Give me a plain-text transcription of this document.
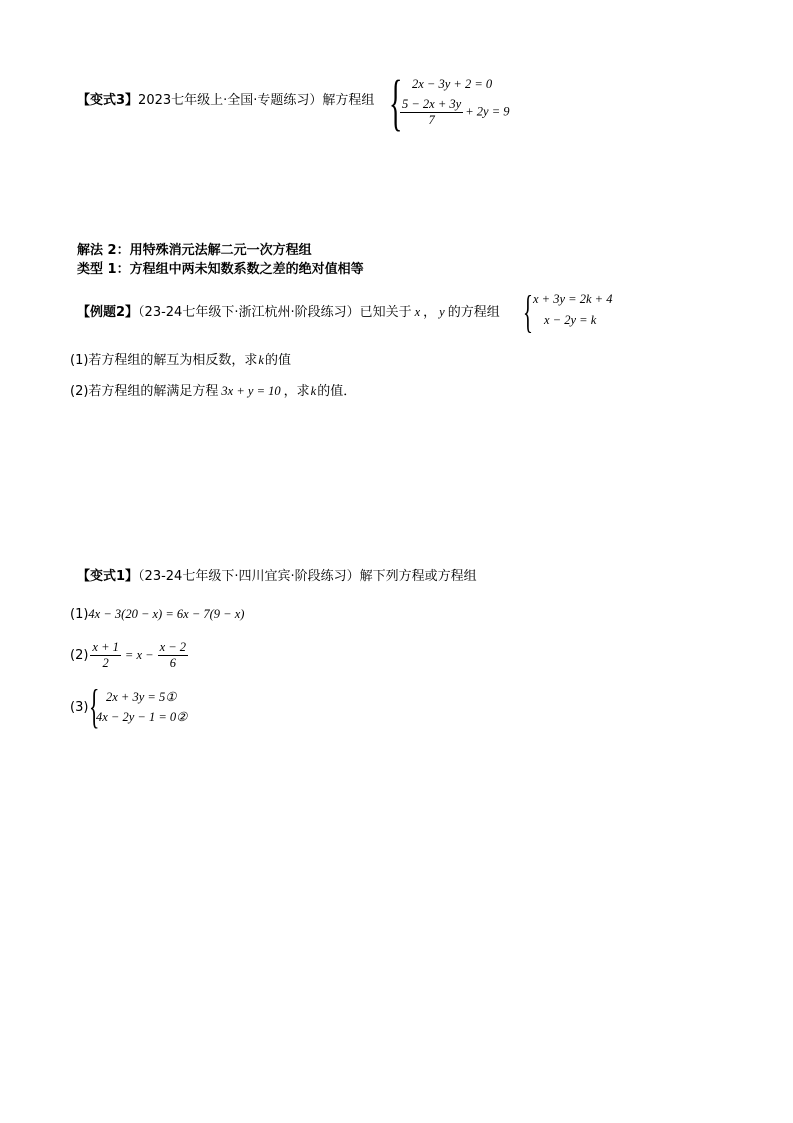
【变式3】2023七年级上·全国·专题练习）解方程组 { 2x − 3y + 2 = 0
$\frac{5 - 2x + 3y}{7} + 2y = 9$
解法 2：用特殊消元法解二元一次方程组
类型 1：方程组中两未知数系数之差的绝对值相等
【例题2】（23-24七年级下·浙江杭州·阶段练习）已知关于 x ， y 的方程组 { x + 3y = 2k + 4
x − 2y = k
(1)若方程组的解互为相反数，求k的值
(2)若方程组的解满足方程 3x + y = 10 ，求k的值．
【变式1】（23-24七年级下·四川宜宾·阶段练习）解下列方程或方程组
(1)4x − 3(20 − x) = 6x − 7(9 − x)
$(2) \frac{x + 1}{2} = x - \frac{x - 2}{6}$
(3) { 2x + 3y = 5①
4x − 2y − 1 = 0②
